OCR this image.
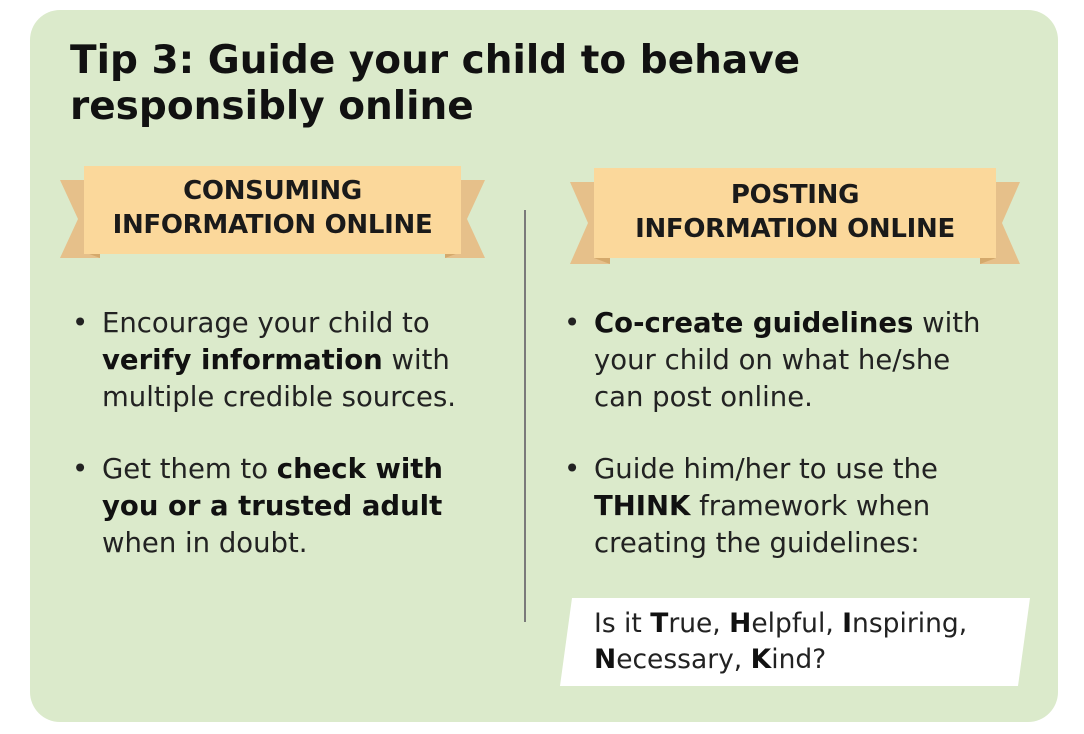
Tip 3: Guide your child to behave responsibly online
CONSUMING
INFORMATION ONLINE
POSTING
INFORMATION ONLINE
• Encourage your child to verify information with multiple credible sources.
• Get them to check with you or a trusted adult when in doubt.
• Co-create guidelines with your child on what he/she can post online.
• Guide him/her to use the THINK framework when creating the guidelines:
Is it True, Helpful, Inspiring,
Necessary, Kind?
